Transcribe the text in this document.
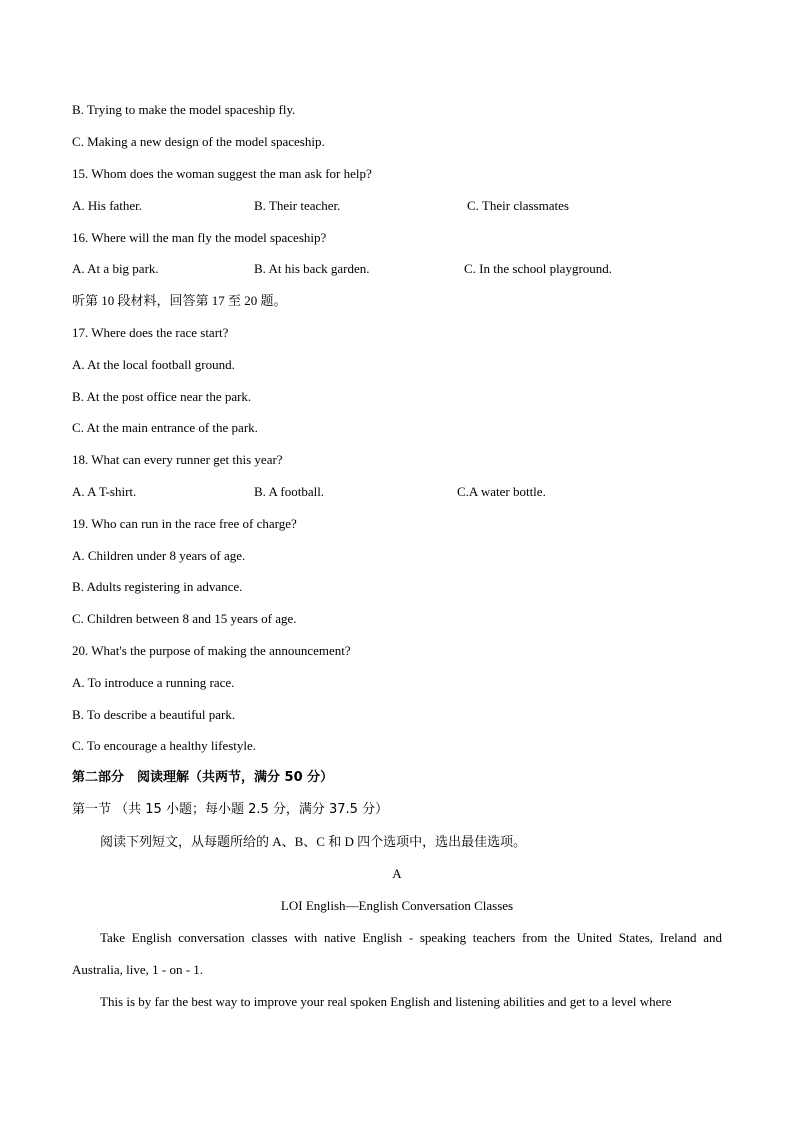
B. Trying to make the model spaceship fly.
C. Making a new design of the model spaceship.
15. Whom does the woman suggest the man ask for help?
A. His father.	B. Their teacher.	C. Their classmates
16. Where will the man fly the model spaceship?
A. At a big park.	B. At his back garden.	C. In the school playground.
听第 10 段材料，回答第 17 至 20 题。
17. Where does the race start?
A. At the local football ground.
B. At the post office near the park.
C. At the main entrance of the park.
18. What can every runner get this year?
A. A T-shirt.	B. A football.	C.A water bottle.
19. Who can run in the race free of charge?
A. Children under 8 years of age.
B. Adults registering in advance.
C. Children between 8 and 15 years of age.
20. What's the purpose of making the announcement?
A. To introduce a running race.
B. To describe a beautiful park.
C. To encourage a healthy lifestyle.
第二部分　阅读理解（共两节，满分 50 分）
第一节 （共 15 小题；每小题 2.5 分，满分 37.5 分）
阅读下列短文，从每题所给的 A、B、C 和 D 四个选项中，选出最佳选项。
A
LOI English—English Conversation Classes
Take English conversation classes with native English - speaking teachers from the United States, Ireland and Australia, live, 1 - on - 1.
This is by far the best way to improve your real spoken English and listening abilities and get to a level where
